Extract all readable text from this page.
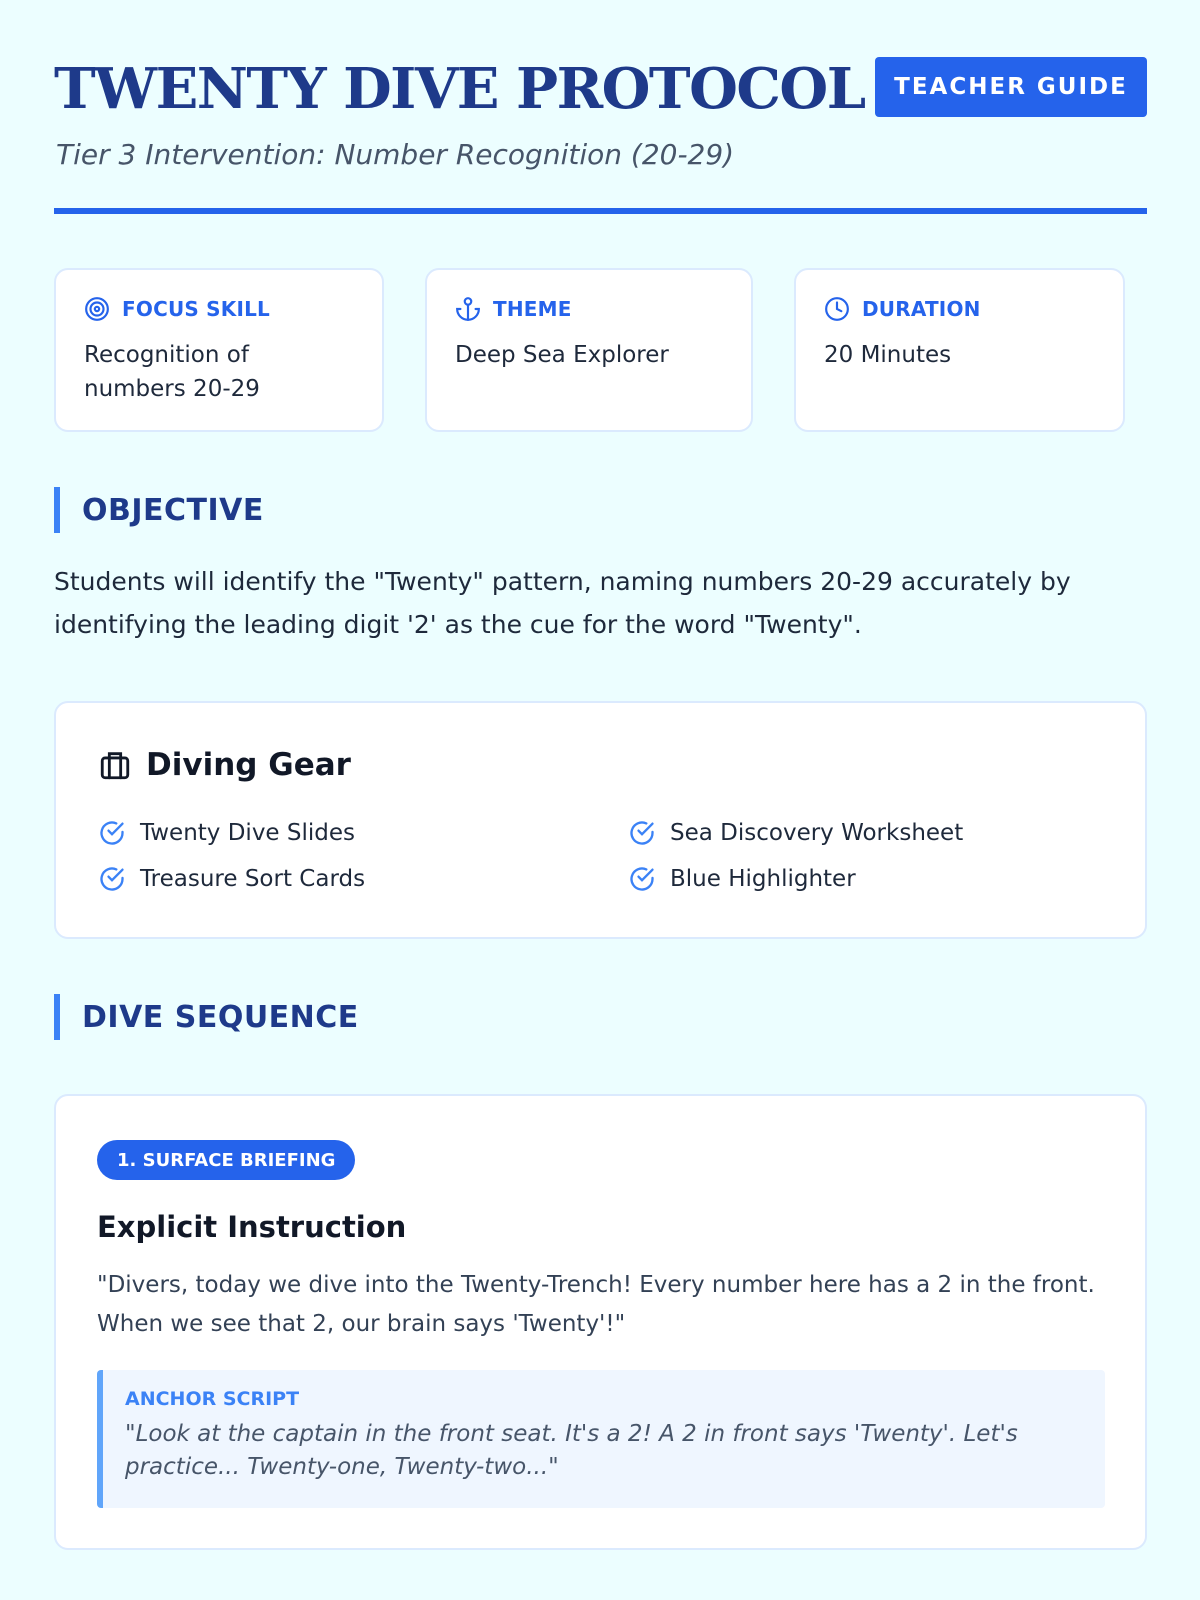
TWENTY DIVE PROTOCOL
Tier 3 Intervention: Number Recognition (20-29)
TEACHER GUIDE
FOCUS SKILL
Recognition of numbers 20-29
THEME
Deep Sea Explorer
DURATION
20 Minutes
OBJECTIVE

Students will identify the "Twenty" pattern, naming numbers 20-29 accurately by identifying the leading digit '2' as the cue for the word "Twenty".

Diving Gear
Twenty Dive Slides	Sea Discovery Worksheet
Treasure Sort Cards	Blue Highlighter
DIVE SEQUENCE
1. SURFACE BRIEFING
Explicit Instruction

"Divers, today we dive into the Twenty-Trench! Every number here has a 2 in the front. When we see that 2, our brain says 'Twenty'!"

ANCHOR SCRIPT

"Look at the captain in the front seat. It's a 2! A 2 in front says 'Twenty'. Let's practice... Twenty-one, Twenty-two..."
